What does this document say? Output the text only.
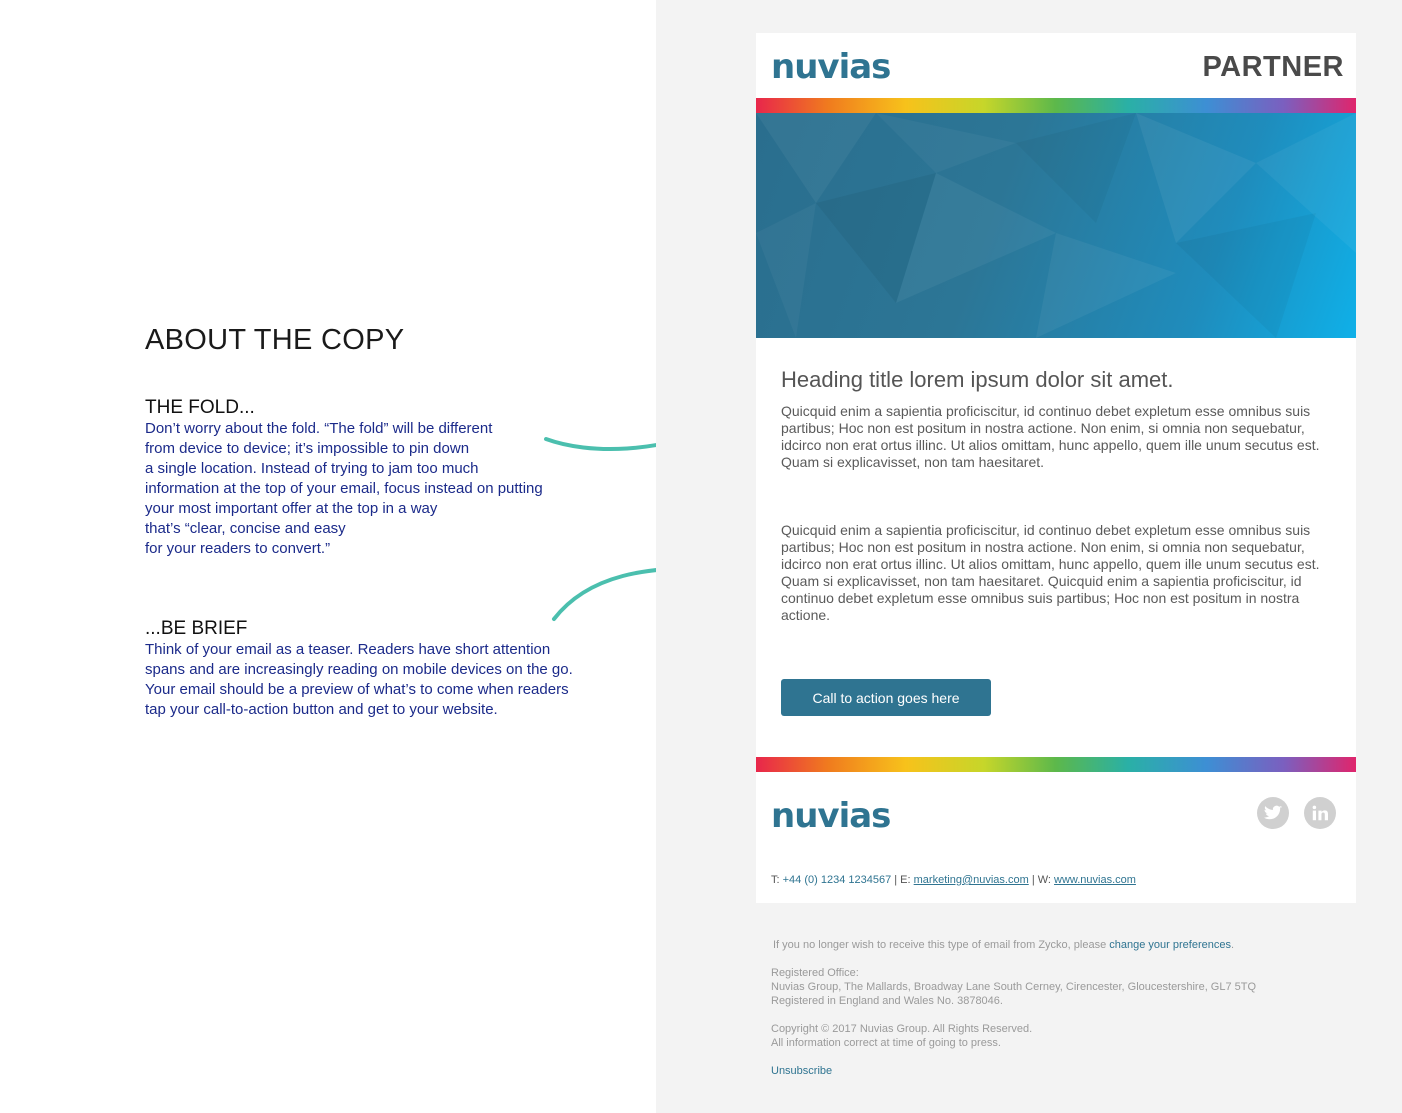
ABOUT THE COPY
THE FOLD...
Don’t worry about the fold. “The fold” will be different
from device to device; it’s impossible to pin down
a single location. Instead of trying to jam too much
information at the top of your email, focus instead on putting
your most important offer at the top in a way
that’s “clear, concise and easy
for your readers to convert.”
...BE BRIEF
Think of your email as a teaser. Readers have short attention
spans and are increasingly reading on mobile devices on the go.
Your email should be a preview of what’s to come when readers
tap your call-to-action button and get to your website.
If you no longer wish to receive this type of email from Zycko, please change your preferences.
Registered Office:
Nuvias Group, The Mallards, Broadway Lane South Cerney, Cirencester, Gloucestershire, GL7 5TQ
Registered in England and Wales No. 3878046.
Copyright © 2017 Nuvias Group. All Rights Reserved.
All information correct at time of going to press.
Unsubscribe
nuvias	PARTNER
Heading title lorem ipsum dolor sit amet.
Quicquid enim a sapientia proficiscitur, id continuo debet expletum esse omnibus suis partibus; Hoc non est positum in nostra actione. Non enim, si omnia non sequebatur, idcirco non erat ortus illinc. Ut alios omittam, hunc appello, quem ille unum secutus est. Quam si explicavisset, non tam haesitaret.
Quicquid enim a sapientia proficiscitur, id continuo debet expletum esse omnibus suis partibus; Hoc non est positum in nostra actione. Non enim, si omnia non sequebatur, idcirco non erat ortus illinc. Ut alios omittam, hunc appello, quem ille unum secutus est. Quam si explicavisset, non tam haesitaret. Quicquid enim a sapientia proficiscitur, id continuo debet expletum esse omnibus suis partibus; Hoc non est positum in nostra actione.
Call to action goes here
nuvias
T: +44 (0) 1234 1234567 | E: marketing@nuvias.com | W: www.nuvias.com
